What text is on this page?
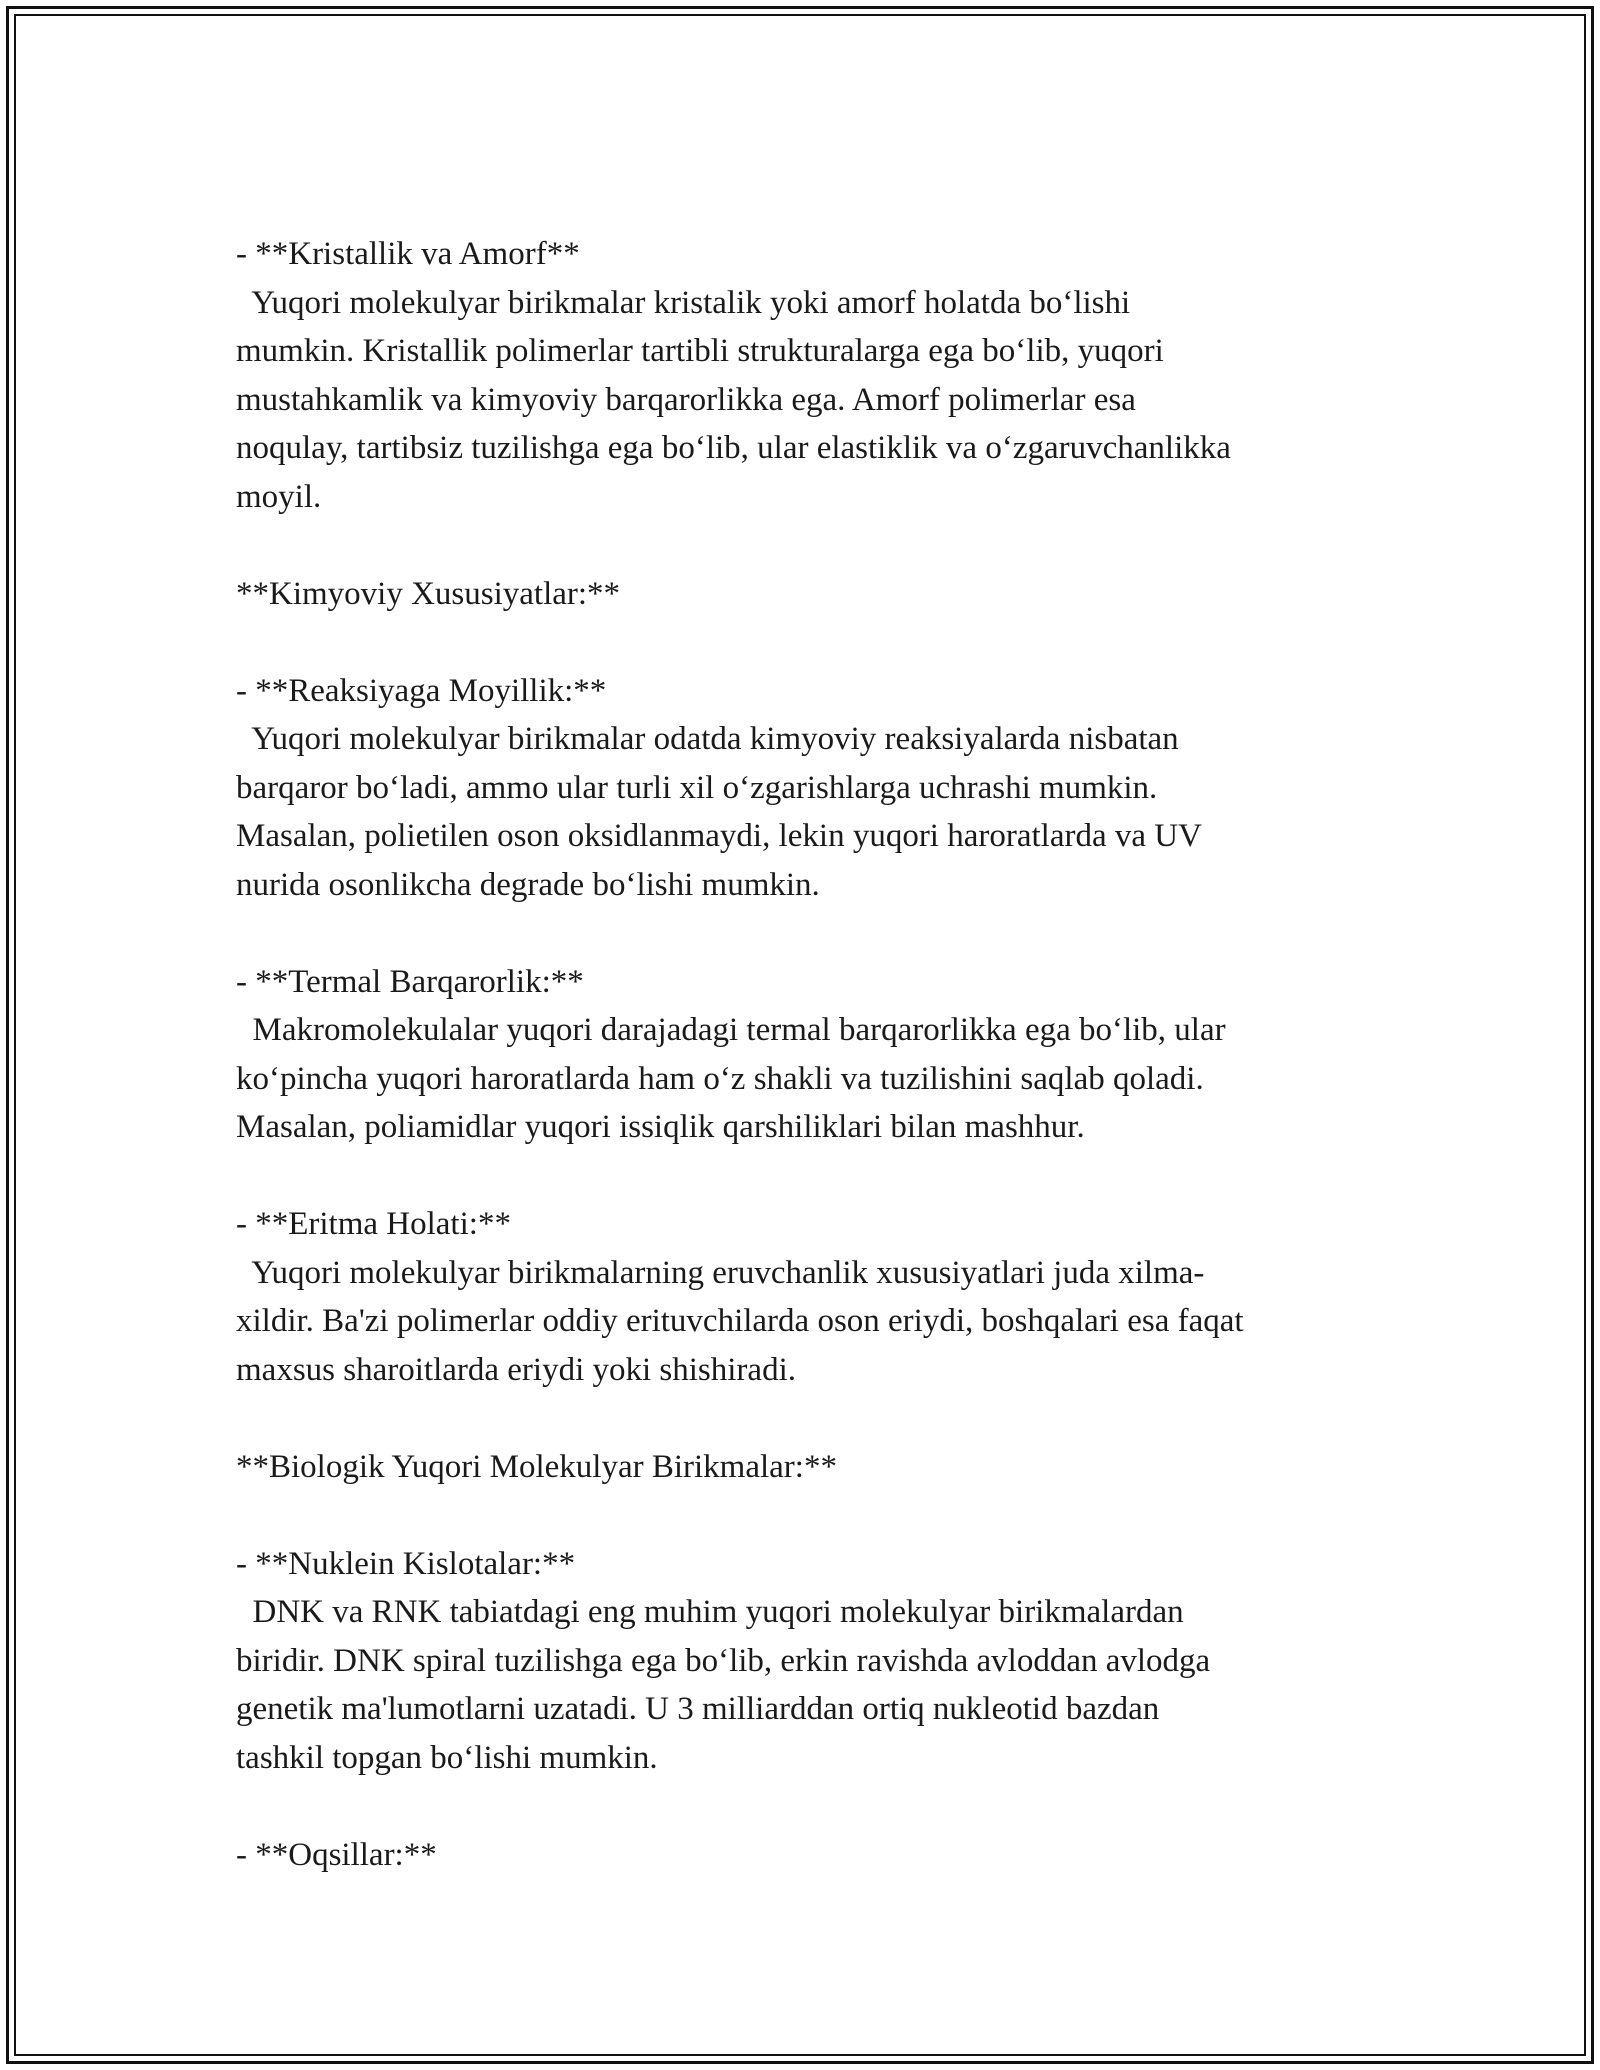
- **Kristallik va Amorf**
Yuqori molekulyar birikmalar kristalik yoki amorf holatda bo‘lishi
mumkin. Kristallik polimerlar tartibli strukturalarga ega bo‘lib, yuqori
mustahkamlik va kimyoviy barqarorlikka ega. Amorf polimerlar esa
noqulay, tartibsiz tuzilishga ega bo‘lib, ular elastiklik va o‘zgaruvchanlikka
moyil.
**Kimyoviy Xususiyatlar:**
- **Reaksiyaga Moyillik:**
Yuqori molekulyar birikmalar odatda kimyoviy reaksiyalarda nisbatan
barqaror bo‘ladi, ammo ular turli xil o‘zgarishlarga uchrashi mumkin.
Masalan, polietilen oson oksidlanmaydi, lekin yuqori haroratlarda va UV
nurida osonlikcha degrade bo‘lishi mumkin.
- **Termal Barqarorlik:**
Makromolekulalar yuqori darajadagi termal barqarorlikka ega bo‘lib, ular
ko‘pincha yuqori haroratlarda ham o‘z shakli va tuzilishini saqlab qoladi.
Masalan, poliamidlar yuqori issiqlik qarshiliklari bilan mashhur.
- **Eritma Holati:**
Yuqori molekulyar birikmalarning eruvchanlik xususiyatlari juda xilma-
xildir. Ba'zi polimerlar oddiy erituvchilarda oson eriydi, boshqalari esa faqat
maxsus sharoitlarda eriydi yoki shishiradi.
**Biologik Yuqori Molekulyar Birikmalar:**
- **Nuklein Kislotalar:**
DNK va RNK tabiatdagi eng muhim yuqori molekulyar birikmalardan
biridir. DNK spiral tuzilishga ega bo‘lib, erkin ravishda avloddan avlodga
genetik ma'lumotlarni uzatadi. U 3 milliarddan ortiq nukleotid bazdan
tashkil topgan bo‘lishi mumkin.
- **Oqsillar:**
